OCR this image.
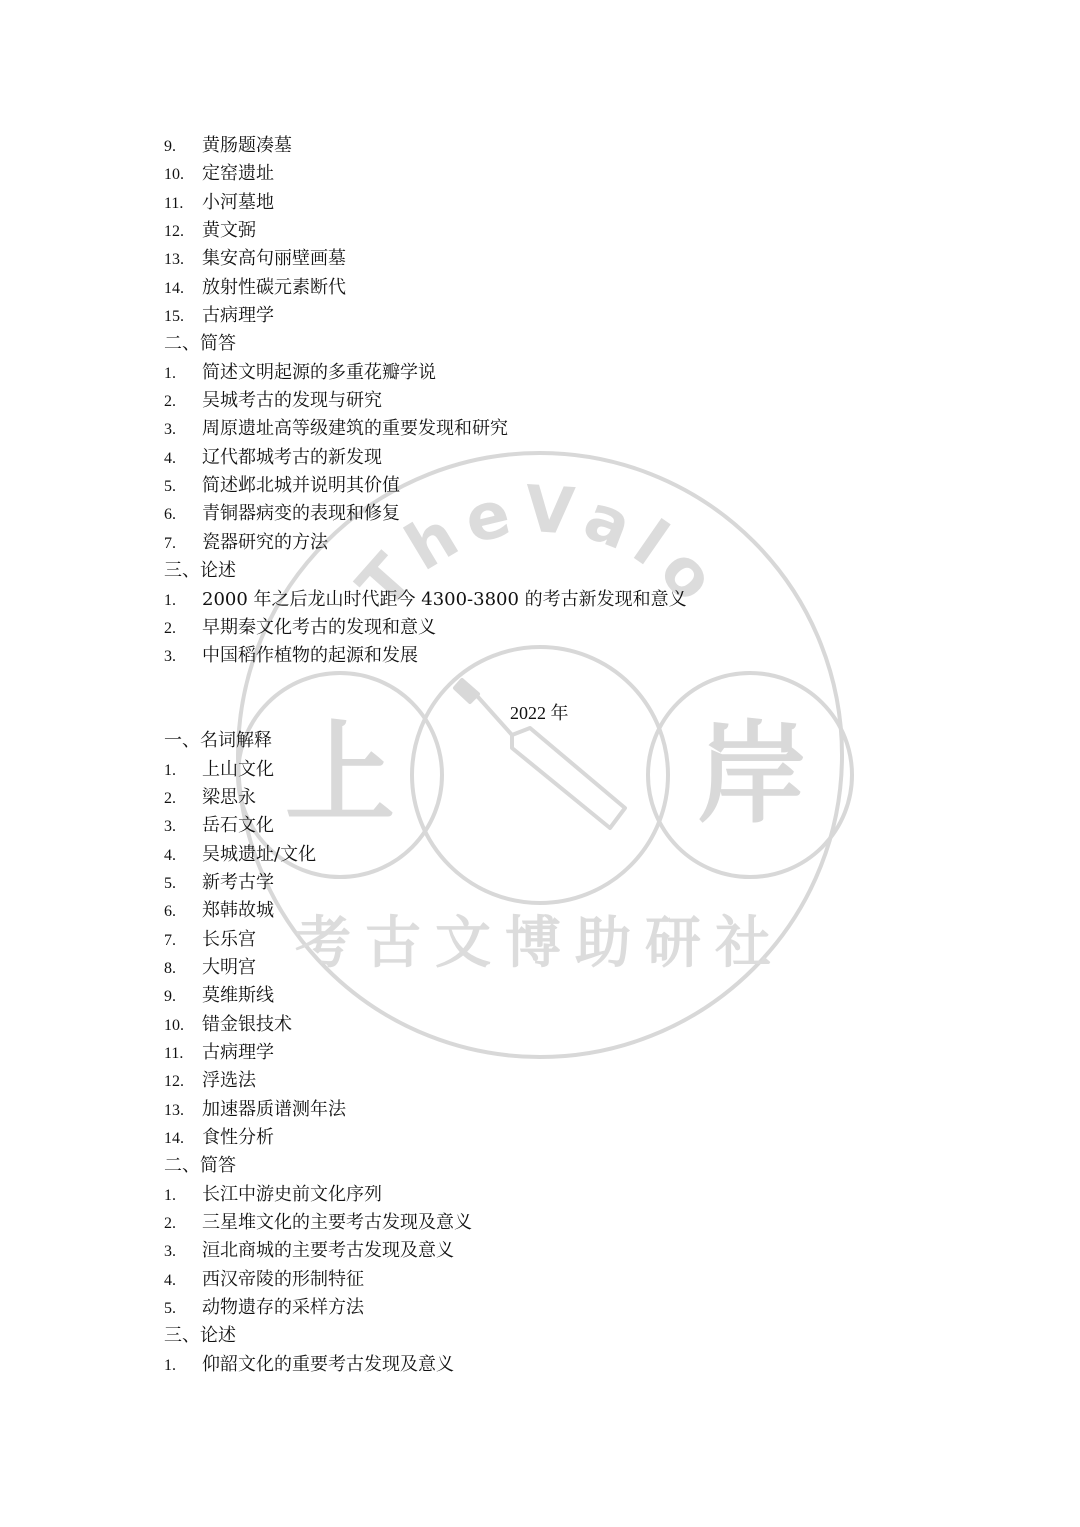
TheValo
上	岸
考古文博助研社
9. 黄肠题凑墓
10. 定窑遗址
11. 小河墓地
12. 黄文弼
13. 集安高句丽壁画墓
14. 放射性碳元素断代
15. 古病理学
二、简答
1. 简述文明起源的多重花瓣学说
2. 吴城考古的发现与研究
3. 周原遗址高等级建筑的重要发现和研究
4. 辽代都城考古的新发现
5. 简述邺北城并说明其价值
6. 青铜器病变的表现和修复
7. 瓷器研究的方法
三、论述
1. 2000 年之后龙山时代距今 4300-3800 的考古新发现和意义
2. 早期秦文化考古的发现和意义
3. 中国稻作植物的起源和发展
2022 年
一、名词解释
1. 上山文化
2. 梁思永
3. 岳石文化
4. 吴城遗址/文化
5. 新考古学
6. 郑韩故城
7. 长乐宫
8. 大明宫
9. 莫维斯线
10. 错金银技术
11. 古病理学
12. 浮选法
13. 加速器质谱测年法
14. 食性分析
二、简答
1. 长江中游史前文化序列
2. 三星堆文化的主要考古发现及意义
3. 洹北商城的主要考古发现及意义
4. 西汉帝陵的形制特征
5. 动物遗存的采样方法
三、论述
1. 仰韶文化的重要考古发现及意义
